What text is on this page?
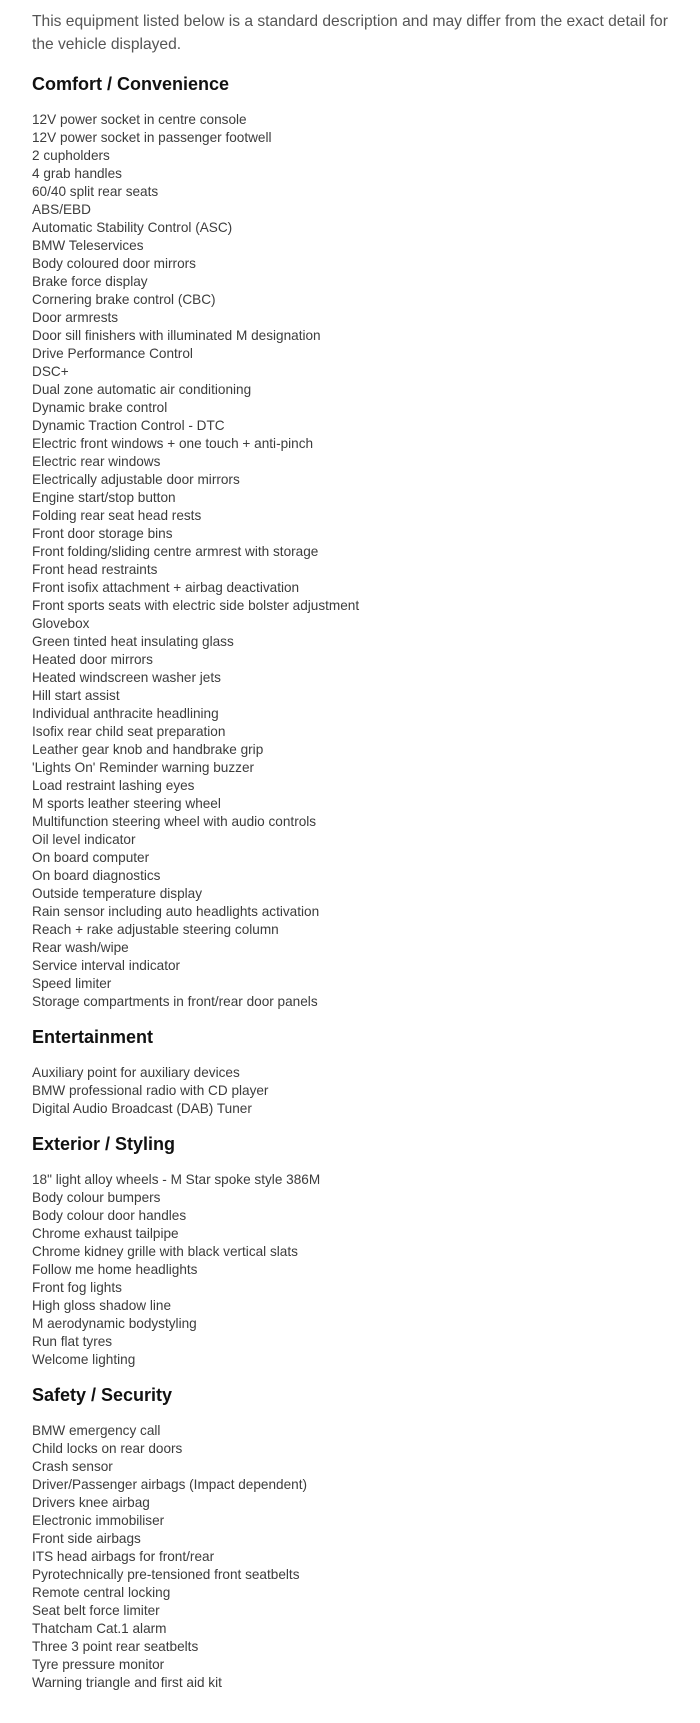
This equipment listed below is a standard description and may differ from the exact detail for the vehicle displayed.

Comfort / Convenience
12V power socket in centre console
12V power socket in passenger footwell
2 cupholders
4 grab handles
60/40 split rear seats
ABS/EBD
Automatic Stability Control (ASC)
BMW Teleservices
Body coloured door mirrors
Brake force display
Cornering brake control (CBC)
Door armrests
Door sill finishers with illuminated M designation
Drive Performance Control
DSC+
Dual zone automatic air conditioning
Dynamic brake control
Dynamic Traction Control - DTC
Electric front windows + one touch + anti-pinch
Electric rear windows
Electrically adjustable door mirrors
Engine start/stop button
Folding rear seat head rests
Front door storage bins
Front folding/sliding centre armrest with storage
Front head restraints
Front isofix attachment + airbag deactivation
Front sports seats with electric side bolster adjustment
Glovebox
Green tinted heat insulating glass
Heated door mirrors
Heated windscreen washer jets
Hill start assist
Individual anthracite headlining
Isofix rear child seat preparation
Leather gear knob and handbrake grip
'Lights On' Reminder warning buzzer
Load restraint lashing eyes
M sports leather steering wheel
Multifunction steering wheel with audio controls
Oil level indicator
On board computer
On board diagnostics
Outside temperature display
Rain sensor including auto headlights activation
Reach + rake adjustable steering column
Rear wash/wipe
Service interval indicator
Speed limiter
Storage compartments in front/rear door panels
Entertainment
Auxiliary point for auxiliary devices
BMW professional radio with CD player
Digital Audio Broadcast (DAB) Tuner
Exterior / Styling
18" light alloy wheels - M Star spoke style 386M
Body colour bumpers
Body colour door handles
Chrome exhaust tailpipe
Chrome kidney grille with black vertical slats
Follow me home headlights
Front fog lights
High gloss shadow line
M aerodynamic bodystyling
Run flat tyres
Welcome lighting
Safety / Security
BMW emergency call
Child locks on rear doors
Crash sensor
Driver/Passenger airbags (Impact dependent)
Drivers knee airbag
Electronic immobiliser
Front side airbags
ITS head airbags for front/rear
Pyrotechnically pre-tensioned front seatbelts
Remote central locking
Seat belt force limiter
Thatcham Cat.1 alarm
Three 3 point rear seatbelts
Tyre pressure monitor
Warning triangle and first aid kit
